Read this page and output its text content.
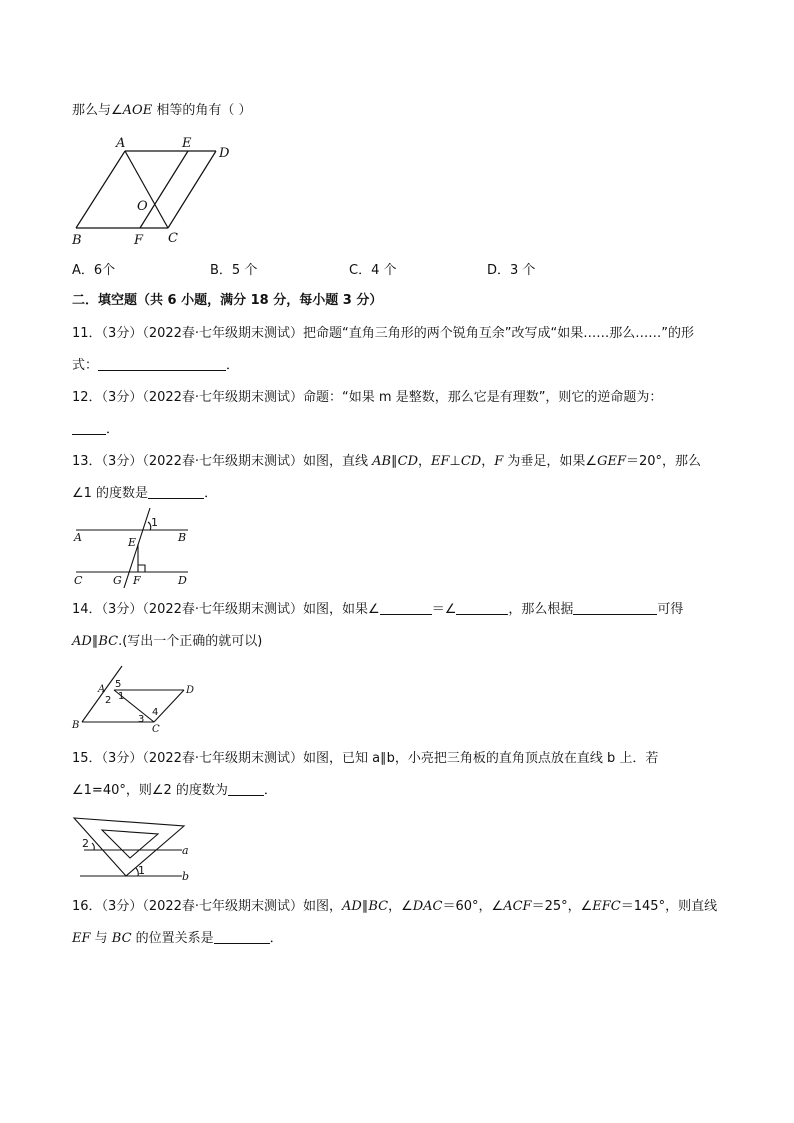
那么与∠AOE 相等的角有（ ）
A	E
D
O
B	F C
A．6个	B．5 个	C．4 个	D．3 个
二．填空题（共 6 小题，满分 18 分，每小题 3 分）
11．（3分）（2022春·七年级期末测试）把命题“直角三角形的两个锐角互余”改写成“如果……那么……”的形
式：	．
12．（3分）（2022春·七年级期末测试）命题：“如果 m 是整数，那么它是有理数”，则它的逆命题为：
．
13．（3分）（2022春·七年级期末测试）如图，直线 AB∥CD，EF⊥CD，F 为垂足，如果∠GEF＝20°，那么
∠1 的度数是	．
1
A	B
E
C	G F	D
14．（3分）（2022春·七年级期末测试）如图，如果∠	＝∠	，那么根据	可得
AD∥BC.(写出一个正确的就可以)
A 5
1
D
2
4
3
B	C
15．（3分）（2022春·七年级期末测试）如图，已知 a∥b，小亮把三角板的直角顶点放在直线 b 上．若
∠1=40°，则∠2 的度数为	．
2
a
1	b
16．（3分）（2022春·七年级期末测试）如图，AD∥BC，∠DAC＝60°，∠ACF＝25°，∠EFC＝145°，则直线
EF 与 BC 的位置关系是	．
